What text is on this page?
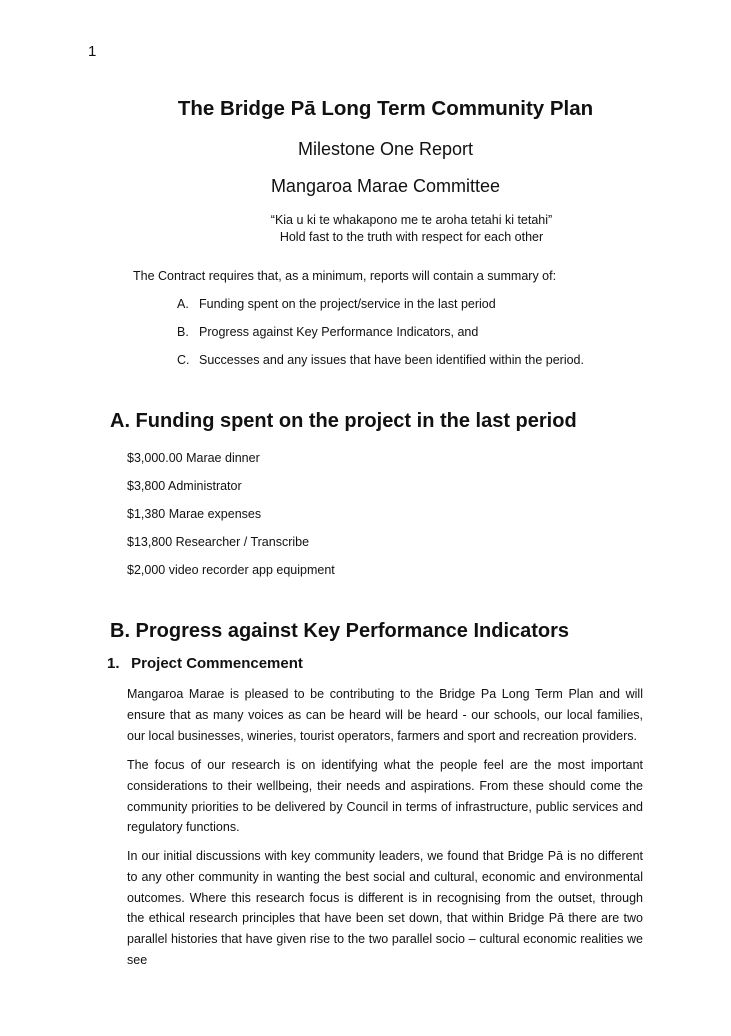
1
The Bridge Pā Long Term Community Plan
Milestone One Report
Mangaroa Marae Committee
“Kia u ki te whakapono me te aroha tetahi ki tetahi”
Hold fast to the truth with respect for each other
The Contract requires that, as a minimum, reports will contain a summary of:
A. Funding spent on the project/service in the last period
B. Progress against Key Performance Indicators, and
C. Successes and any issues that have been identified within the period.
A. Funding spent on the project in the last period
$3,000.00 Marae dinner
$3,800 Administrator
$1,380 Marae expenses
$13,800 Researcher / Transcribe
$2,000 video recorder app equipment
B. Progress against Key Performance Indicators
1. Project Commencement
Mangaroa Marae is pleased to be contributing to the Bridge Pa Long Term Plan and will ensure that as many voices as can be heard will be heard - our schools, our local families, our local businesses, wineries, tourist operators, farmers and sport and recreation providers.
The focus of our research is on identifying what the people feel are the most important considerations to their wellbeing, their needs and aspirations. From these should come the community priorities to be delivered by Council in terms of infrastructure, public services and regulatory functions.
In our initial discussions with key community leaders, we found that Bridge Pā is no different to any other community in wanting the best social and cultural, economic and environmental outcomes. Where this research focus is different is in recognising from the outset, through the ethical research principles that have been set down, that within Bridge Pā there are two parallel histories that have given rise to the two parallel socio – cultural economic realities we see
